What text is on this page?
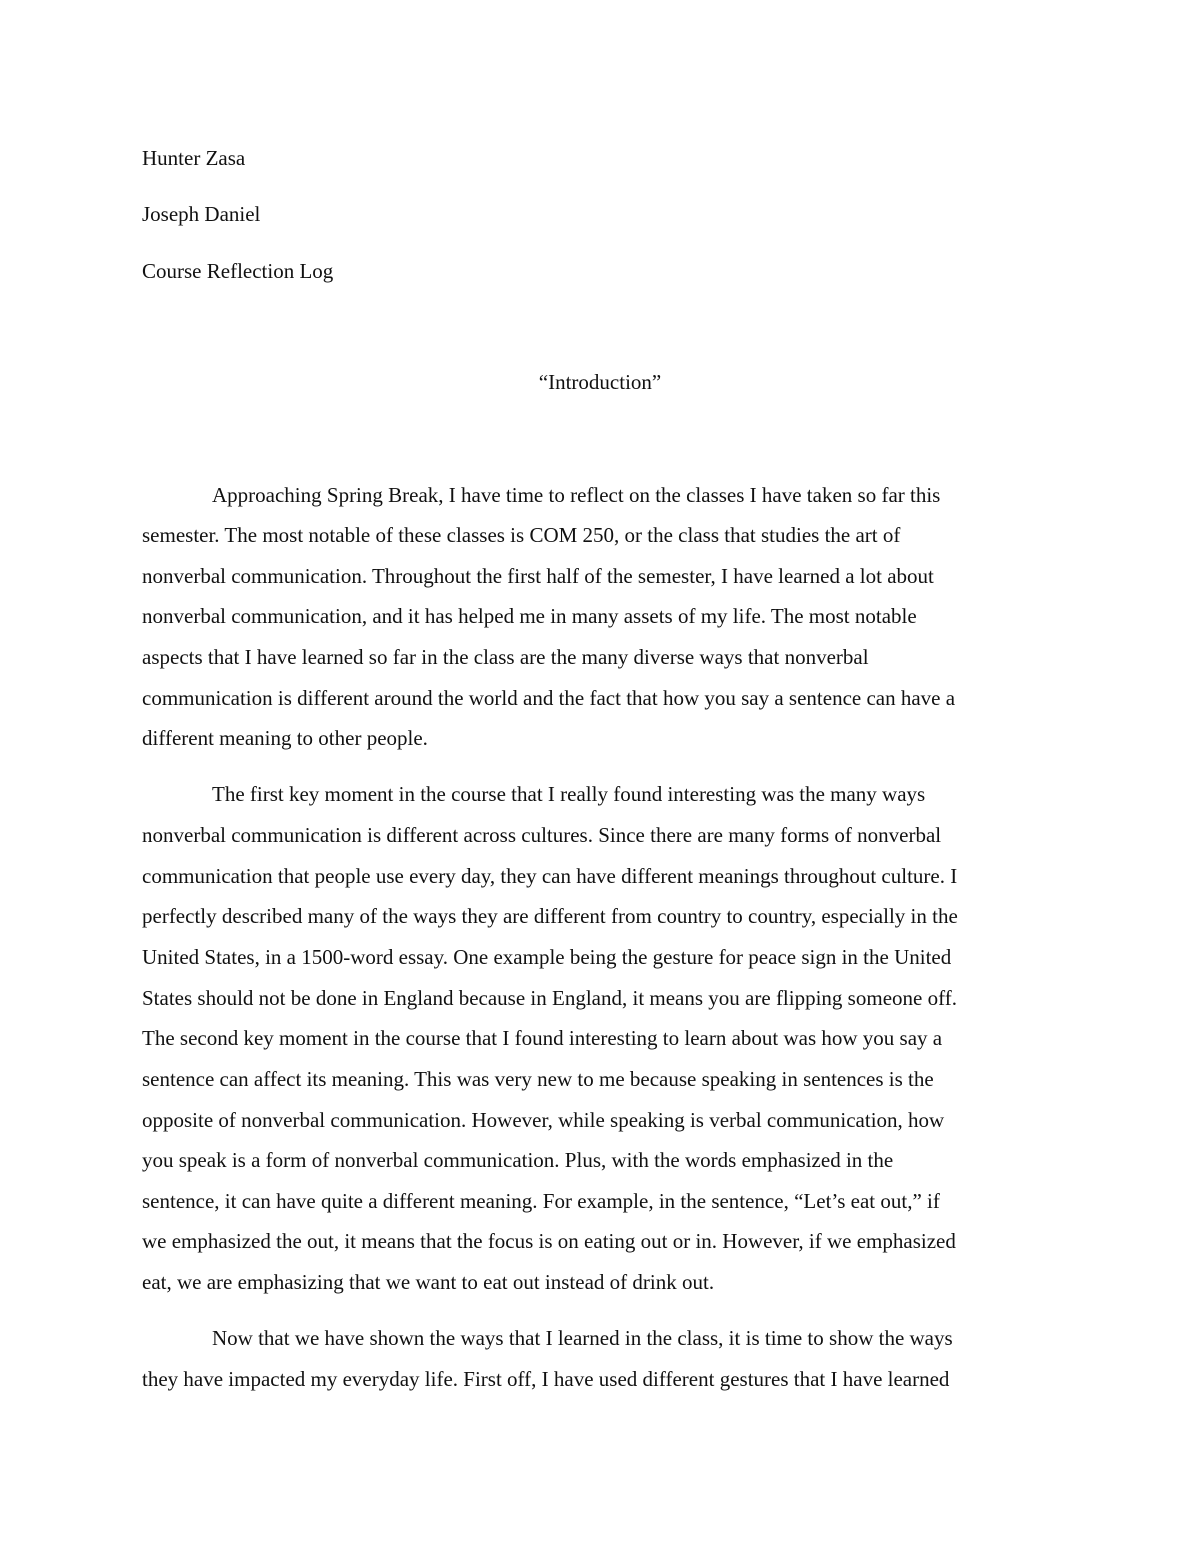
Hunter Zasa
Joseph Daniel
Course Reflection Log
“Introduction”
Approaching Spring Break, I have time to reflect on the classes I have taken so far this
semester. The most notable of these classes is COM 250, or the class that studies the art of
nonverbal communication. Throughout the first half of the semester, I have learned a lot about
nonverbal communication, and it has helped me in many assets of my life. The most notable
aspects that I have learned so far in the class are the many diverse ways that nonverbal
communication is different around the world and the fact that how you say a sentence can have a
different meaning to other people.
The first key moment in the course that I really found interesting was the many ways
nonverbal communication is different across cultures. Since there are many forms of nonverbal
communication that people use every day, they can have different meanings throughout culture. I
perfectly described many of the ways they are different from country to country, especially in the
United States, in a 1500-word essay. One example being the gesture for peace sign in the United
States should not be done in England because in England, it means you are flipping someone off.
The second key moment in the course that I found interesting to learn about was how you say a
sentence can affect its meaning. This was very new to me because speaking in sentences is the
opposite of nonverbal communication. However, while speaking is verbal communication, how
you speak is a form of nonverbal communication. Plus, with the words emphasized in the
sentence, it can have quite a different meaning. For example, in the sentence, “Let’s eat out,” if
we emphasized the out, it means that the focus is on eating out or in. However, if we emphasized
eat, we are emphasizing that we want to eat out instead of drink out.
Now that we have shown the ways that I learned in the class, it is time to show the ways
they have impacted my everyday life. First off, I have used different gestures that I have learned
